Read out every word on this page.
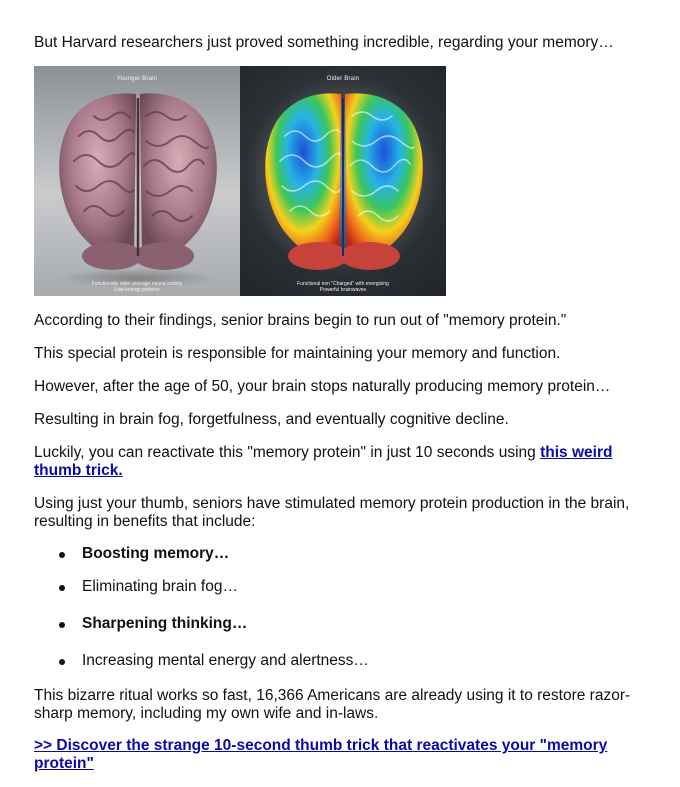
But Harvard researchers just proved something incredible, regarding your memory…

Younger Brain
Functionally older average neural activity
Low-energy proteins
Older Brain
Functional non "Charged" with energizing
Powerful brainwaves

According to their findings, senior brains begin to run out of "memory protein."

This special protein is responsible for maintaining your memory and function.

However, after the age of 50, your brain stops naturally producing memory protein…

Resulting in brain fog, forgetfulness, and eventually cognitive decline.

Luckily, you can reactivate this "memory protein" in just 10 seconds using this weird thumb trick.

Using just your thumb, seniors have stimulated memory protein production in the brain, resulting in benefits that include:

Boosting memory…
Eliminating brain fog…
Sharpening thinking…
Increasing mental energy and alertness…

This bizarre ritual works so fast, 16,366 Americans are already using it to restore razor-sharp memory, including my own wife and in-laws.

>> Discover the strange 10-second thumb trick that reactivates your "memory protein"
